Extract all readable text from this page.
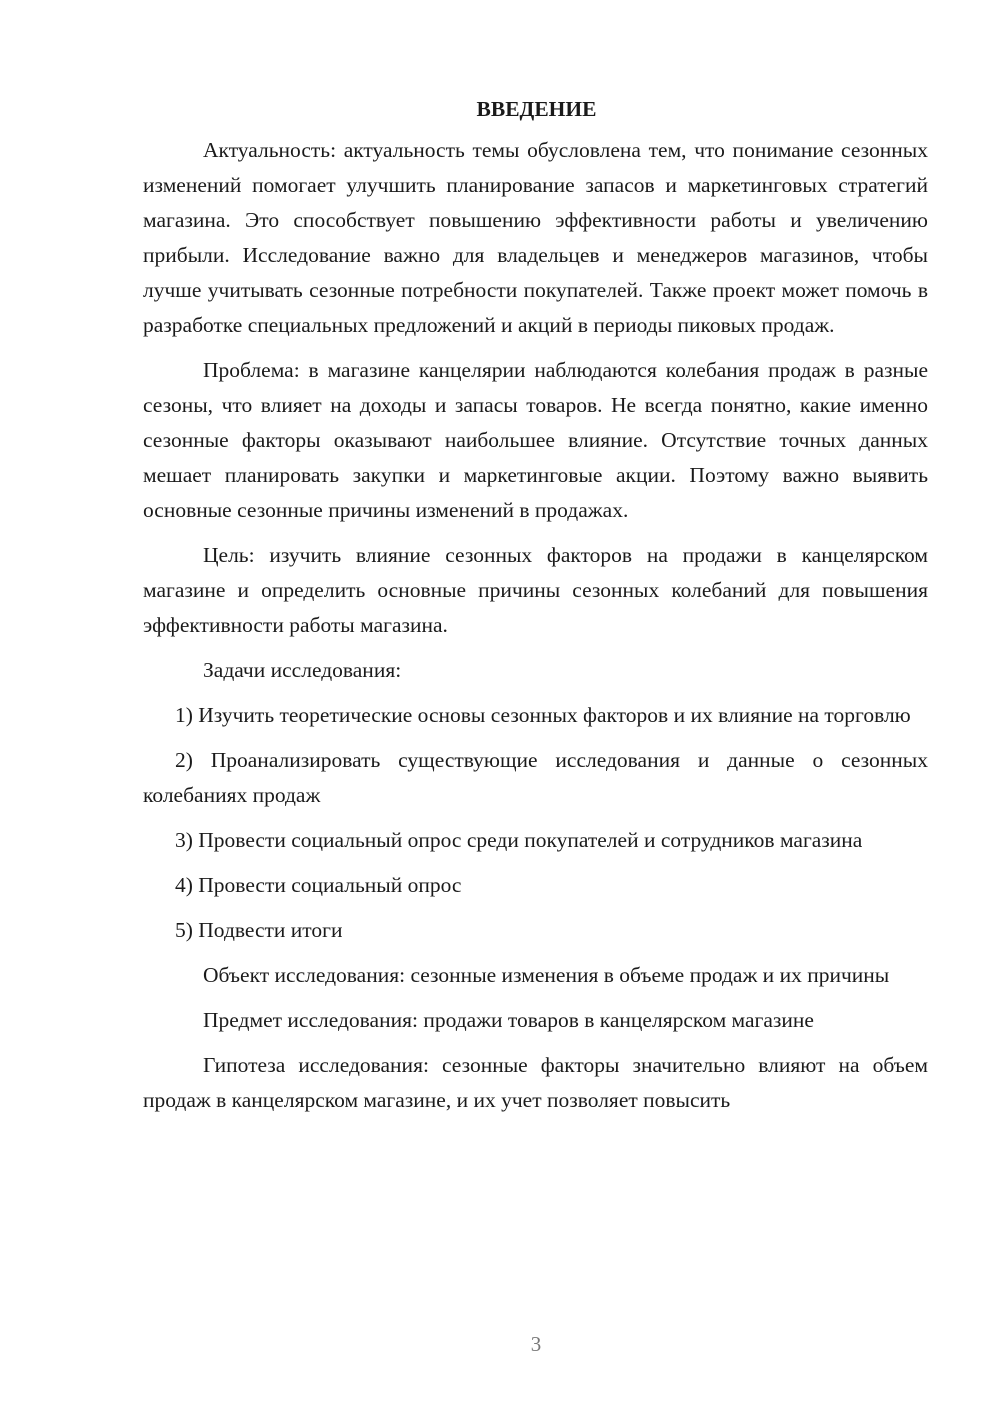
ВВЕДЕНИЕ

Актуальность: актуальность темы обусловлена тем, что понимание сезонных изменений помогает улучшить планирование запасов и маркетинговых стратегий магазина. Это способствует повышению эффективности работы и увеличению прибыли. Исследование важно для владельцев и менеджеров магазинов, чтобы лучше учитывать сезонные потребности покупателей. Также проект может помочь в разработке специальных предложений и акций в периоды пиковых продаж.

Проблема: в магазине канцелярии наблюдаются колебания продаж в разные сезоны, что влияет на доходы и запасы товаров. Не всегда понятно, какие именно сезонные факторы оказывают наибольшее влияние. Отсутствие точных данных мешает планировать закупки и маркетинговые акции. Поэтому важно выявить основные сезонные причины изменений в продажах.

Цель: изучить влияние сезонных факторов на продажи в канцелярском магазине и определить основные причины сезонных колебаний для повышения эффективности работы магазина.

Задачи исследования:

1) Изучить теоретические основы сезонных факторов и их влияние на торговлю

2) Проанализировать существующие исследования и данные о сезонных колебаниях продаж

3) Провести социальный опрос среди покупателей и сотрудников магазина

4) Провести социальный опрос

5) Подвести итоги

Объект исследования: сезонные изменения в объеме продаж и их причины

Предмет исследования: продажи товаров в канцелярском магазине

Гипотеза исследования: сезонные факторы значительно влияют на объем продаж в канцелярском магазине, и их учет позволяет повысить

3
